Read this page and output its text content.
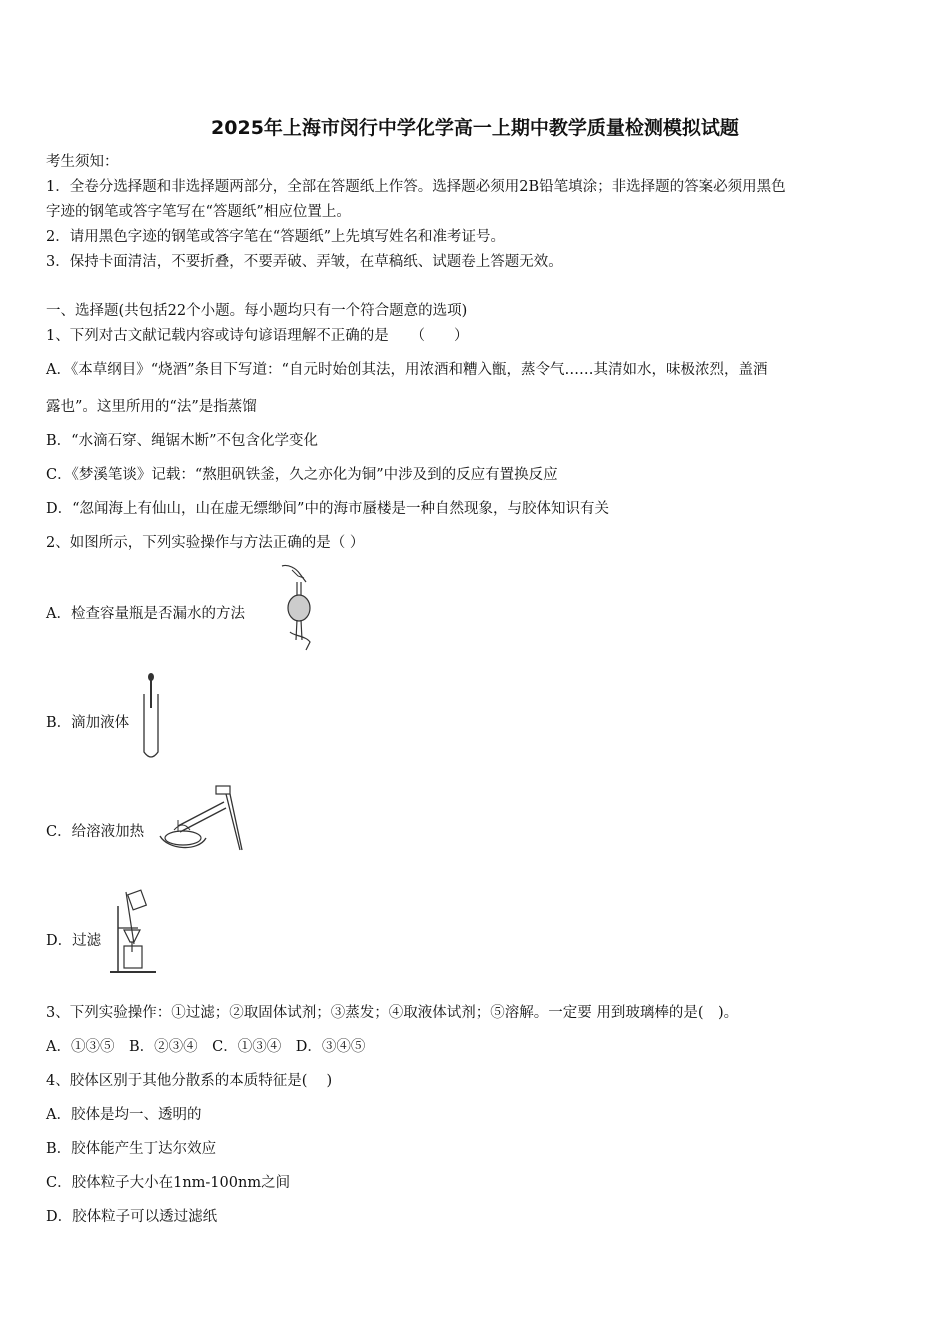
2025年上海市闵行中学化学高一上期中教学质量检测模拟试题
考生须知：
1．全卷分选择题和非选择题两部分，全部在答题纸上作答。选择题必须用2B铅笔填涂；非选择题的答案必须用黑色
字迹的钢笔或答字笔写在“答题纸”相应位置上。
2．请用黑色字迹的钢笔或答字笔在“答题纸”上先填写姓名和准考证号。
3．保持卡面清洁，不要折叠，不要弄破、弄皱，在草稿纸、试题卷上答题无效。
一、选择题(共包括22个小题。每小题均只有一个符合题意的选项)
1、下列对古文献记载内容或诗句谚语理解不正确的是　　（　　）
A．《本草纲目》“烧酒”条目下写道：“自元时始创其法，用浓酒和糟入甑，蒸令气……其清如水，味极浓烈，盖酒
露也”。这里所用的“法”是指蒸馏
B．“水滴石穿、绳锯木断”不包含化学变化
C．《梦溪笔谈》记载：“熬胆矾铁釜，久之亦化为铜”中涉及到的反应有置换反应
D．“忽闻海上有仙山，山在虚无缥缈间”中的海市蜃楼是一种自然现象，与胶体知识有关
2、如图所示，下列实验操作与方法正确的是（ ）
A．检查容量瓶是否漏水的方法
B．滴加液体
C．给溶液加热
D．过滤
3、下列实验操作：①过滤；②取固体试剂；③蒸发；④取液体试剂；⑤溶解。一定要 用到玻璃棒的是(　)。
A．①③⑤　B．②③④　C．①③④　D．③④⑤
4、胶体区别于其他分散系的本质特征是(　 )
A．胶体是均一、透明的
B．胶体能产生丁达尔效应
C．胶体粒子大小在1nm-100nm之间
D．胶体粒子可以透过滤纸
